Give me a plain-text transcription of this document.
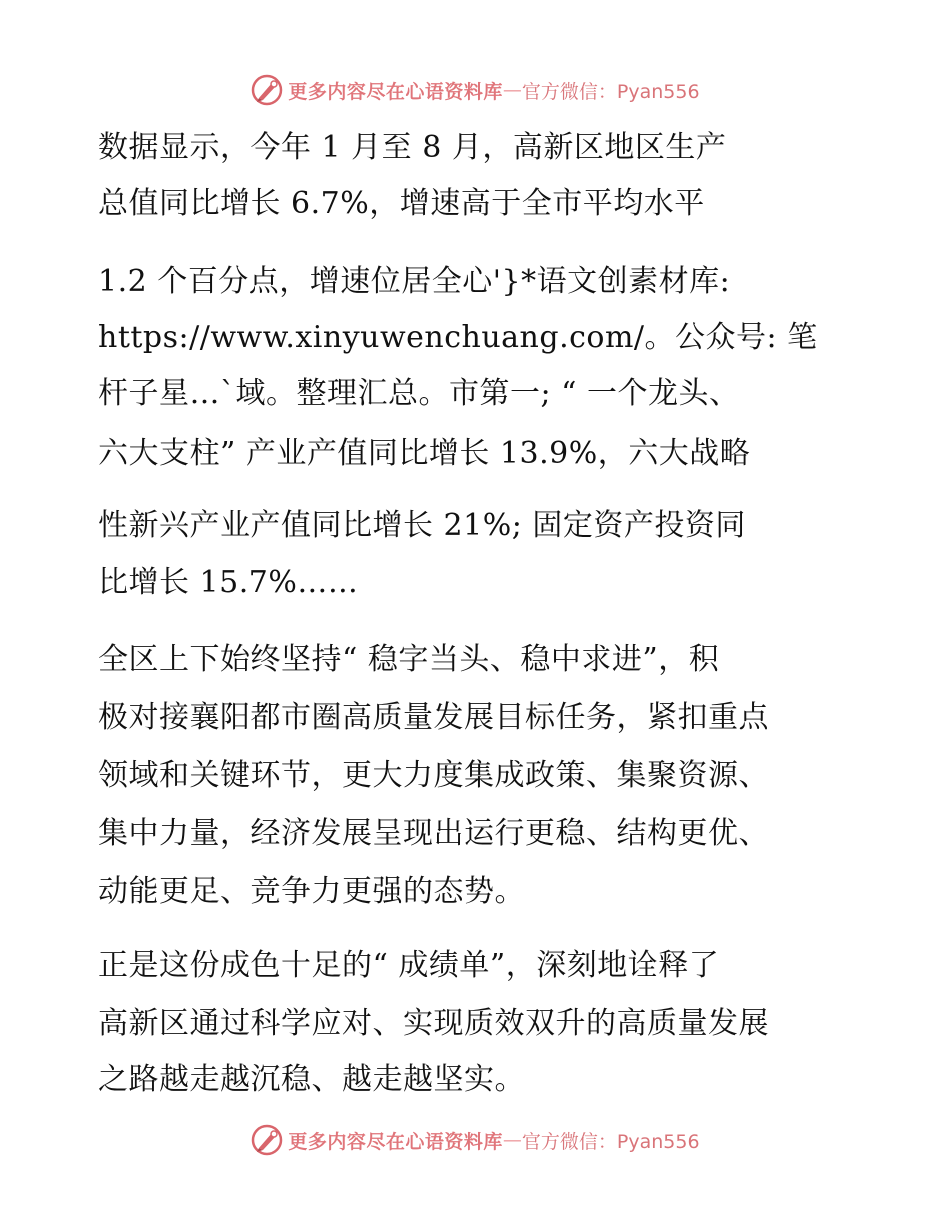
更多内容尽在心语资料库 — 官方微信：Pyan556
数据显示，今年 1 月至 8 月，高新区地区生产
总值同比增长 6.7%，增速高于全市平均水平
1.2 个百分点，增速位居全心'}*语文创素材库:
https://www.xinyuwenchuang.com/。公众号: 笔
杆子星…`域。整理汇总。市第一; “ 一个龙头、
六大支柱” 产业产值同比增长 13.9%，六大战略
性新兴产业产值同比增长 21%; 固定资产投资同
比增长 15.7%……
全区上下始终坚持“ 稳字当头、稳中求进”，积
极对接襄阳都市圈高质量发展目标任务，紧扣重点
领域和关键环节，更大力度集成政策、集聚资源、
集中力量，经济发展呈现出运行更稳、结构更优、
动能更足、竞争力更强的态势。
正是这份成色十足的“ 成绩单”，深刻地诠释了
高新区通过科学应对、实现质效双升的高质量发展
之路越走越沉稳、越走越坚实。
更多内容尽在心语资料库 — 官方微信：Pyan556
